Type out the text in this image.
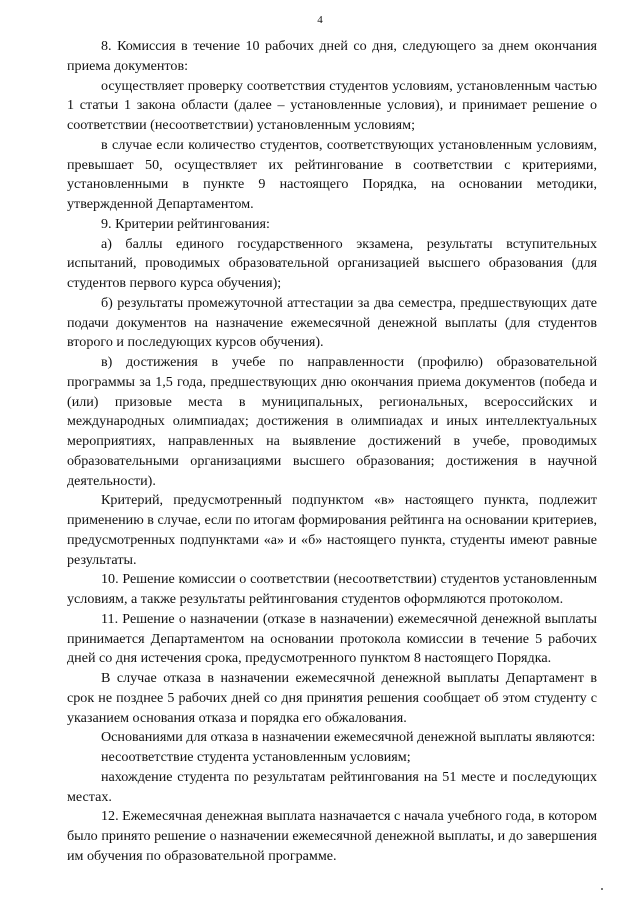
4

8. Комиссия в течение 10 рабочих дней со дня, следующего за днем окончания приема документов:

осуществляет проверку соответствия студентов условиям, установленным частью 1 статьи 1 закона области (далее – установленные условия), и принимает решение о соответствии (несоответствии) установленным условиям;

в случае если количество студентов, соответствующих установленным условиям, превышает 50, осуществляет их рейтингование в соответствии с критериями, установленными в пункте 9 настоящего Порядка, на основании методики, утвержденной Департаментом.

9. Критерии рейтингования:

а) баллы единого государственного экзамена, результаты вступительных испытаний, проводимых образовательной организацией высшего образования (для студентов первого курса обучения);

б) результаты промежуточной аттестации за два семестра, предшествующих дате подачи документов на назначение ежемесячной денежной выплаты (для студентов второго и последующих курсов обучения).

в) достижения в учебе по направленности (профилю) образовательной программы за 1,5 года, предшествующих дню окончания приема документов (победа и (или) призовые места в муниципальных, региональных, всероссийских и международных олимпиадах; достижения в олимпиадах и иных интеллектуальных мероприятиях, направленных на выявление достижений в учебе, проводимых образовательными организациями высшего образования; достижения в научной деятельности).

Критерий, предусмотренный подпунктом «в» настоящего пункта, подлежит применению в случае, если по итогам формирования рейтинга на основании критериев, предусмотренных подпунктами «а» и «б» настоящего пункта, студенты имеют равные результаты.

10. Решение комиссии о соответствии (несоответствии) студентов установленным условиям, а также результаты рейтингования студентов оформляются протоколом.

11. Решение о назначении (отказе в назначении) ежемесячной денежной выплаты принимается Департаментом на основании протокола комиссии в течение 5 рабочих дней со дня истечения срока, предусмотренного пунктом 8 настоящего Порядка.

В случае отказа в назначении ежемесячной денежной выплаты Департамент в срок не позднее 5 рабочих дней со дня принятия решения сообщает об этом студенту с указанием основания отказа и порядка его обжалования.

Основаниями для отказа в назначении ежемесячной денежной выплаты являются:

несоответствие студента установленным условиям;

нахождение студента по результатам рейтингования на 51 месте и последующих местах.

12. Ежемесячная денежная выплата назначается с начала учебного года, в котором было принято решение о назначении ежемесячной денежной выплаты, и до завершения им обучения по образовательной программе.
